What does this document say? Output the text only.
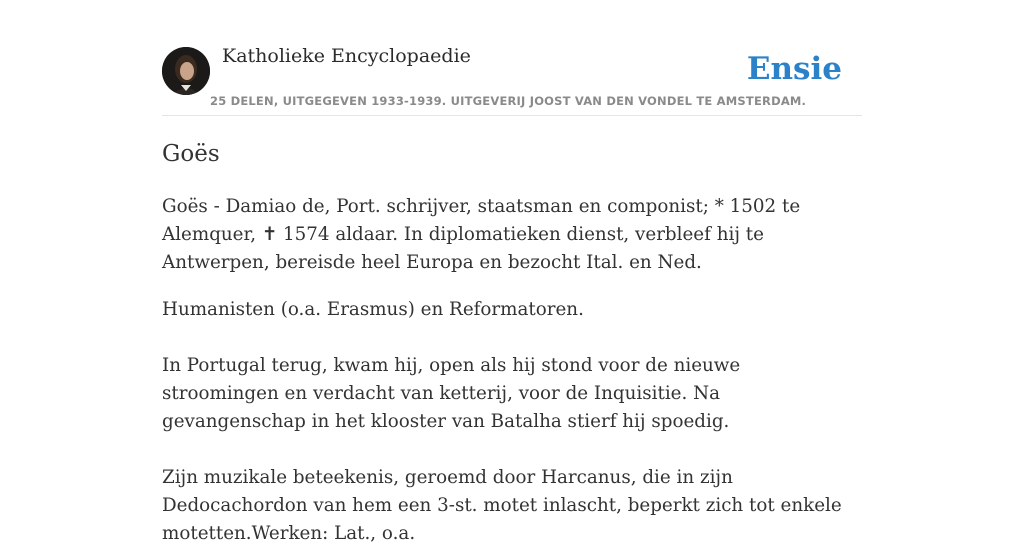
Katholieke Encyclopaedie	Ensie
25 DELEN, UITGEGEVEN 1933-1939. UITGEVERIJ JOOST VAN DEN VONDEL TE AMSTERDAM.
Goës

Goës - Damiao de, Port. schrijver, staatsman en componist; * 1502 te Alemquer, ✝ 1574 aldaar. In diplomatieken dienst, verbleef hij te Antwerpen, bereisde heel Europa en bezocht Ital. en Ned.

Humanisten (o.a. Erasmus) en Reformatoren.

In Portugal terug, kwam hij, open als hij stond voor de nieuwe stroomingen en verdacht van ketterij, voor de Inquisitie. Na gevangenschap in het klooster van Batalha stierf hij spoedig.

Zijn muzikale beteekenis, geroemd door Harcanus, die in zijn Dedocachordon van hem een 3-st. motet inlascht, beperkt zich tot enkele motetten.Werken: Lat., o.a.
